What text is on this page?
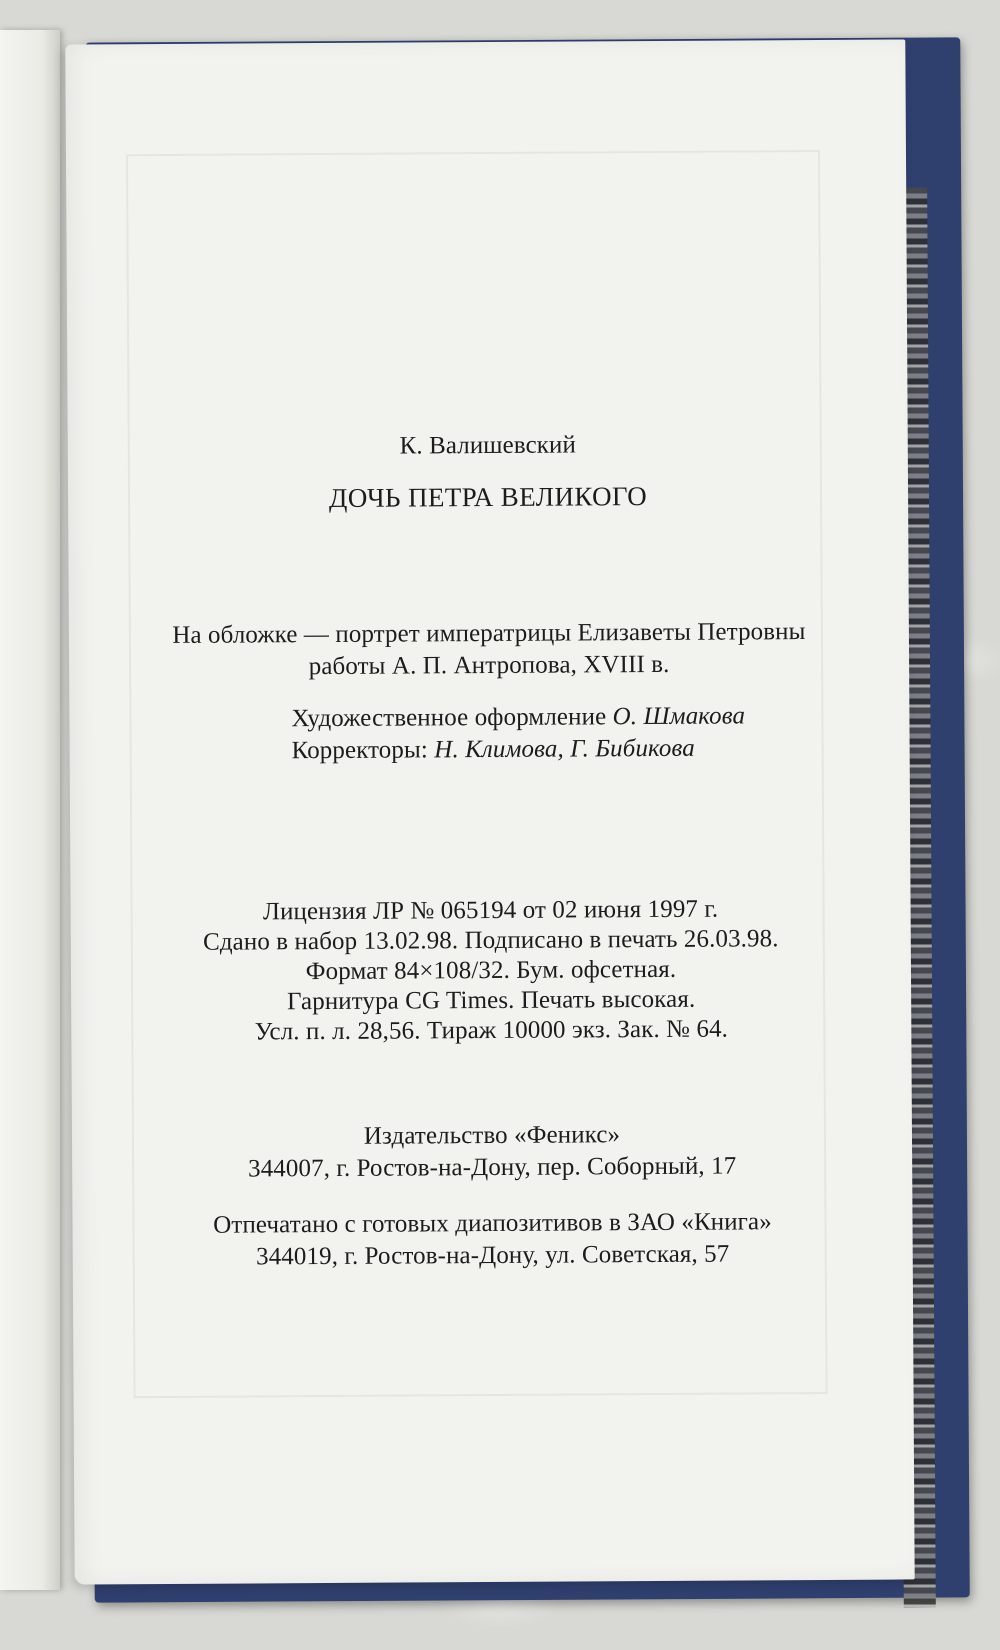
К. Валишевский
ДОЧЬ ПЕТРА ВЕЛИКОГО
На обложке — портрет императрицы Елизаветы Петровны
работы А. П. Антропова, XVIII в.
Художественное оформление О. Шмакова
Корректоры: Н. Климова, Г. Бибикова
Лицензия ЛР № 065194 от 02 июня 1997 г.
Сдано в набор 13.02.98. Подписано в печать 26.03.98.
Формат 84×108/32. Бум. офсетная.
Гарнитура CG Times. Печать высокая.
Усл. п. л. 28,56. Тираж 10000 экз. Зак. № 64.
Издательство «Феникс»
344007, г. Ростов-на-Дону, пер. Соборный, 17
Отпечатано с готовых диапозитивов в ЗАО «Книга»
344019, г. Ростов-на-Дону, ул. Советская, 57
